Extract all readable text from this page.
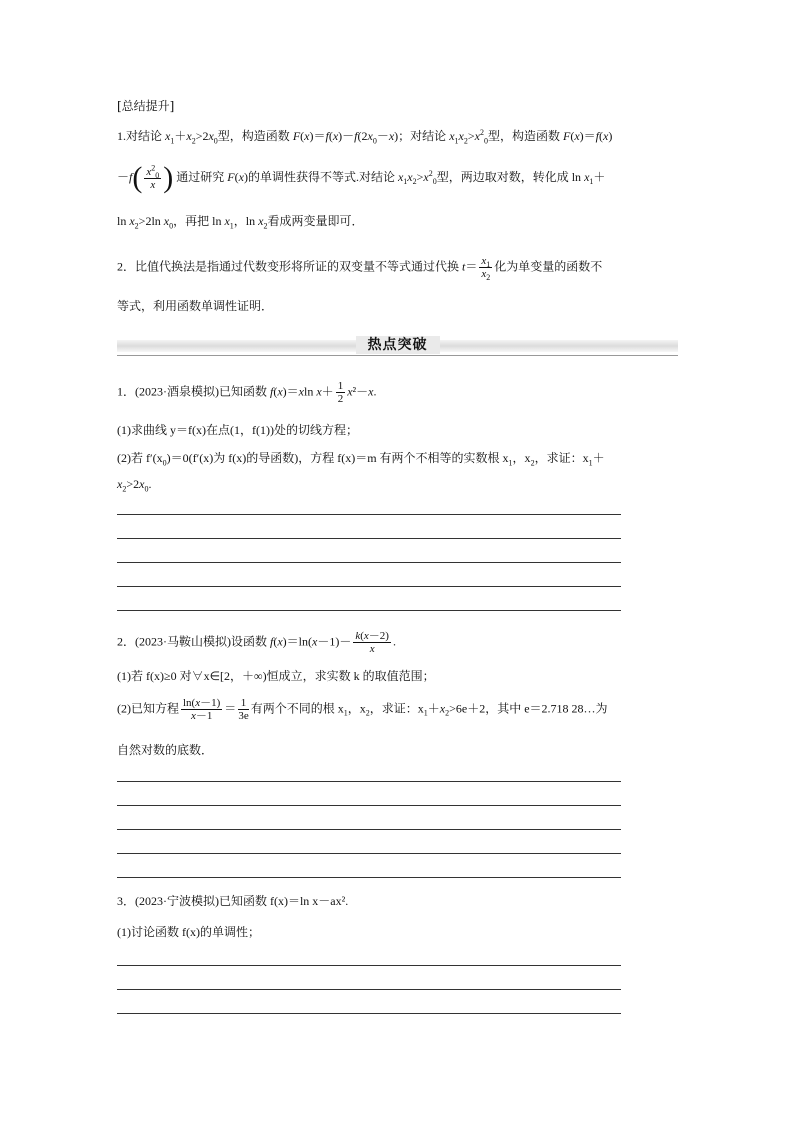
[总结提升]
1.对结论 $x_1+x_2>2x_0$型，构造函数 $F(x)=f(x)-f(2x_0-x)$；对结论 $x_1x_2>x^2_0$型，构造函数 F(x)＝f(x)
$-f( \frac{x^2_0}{x}$ ) 通过研究 F(x)的单调性获得不等式.对结论 $x_1x_2>x^2_0$型，两边取对数，转化成 $\ln x_1+$
$\ln x_2>2\ln$ $x_0$，再把 $\ln x_1$，$\ln x_2$看成两变量即可．
2．比值代换法是指通过代数变形将所证的双变量不等式通过代换 $t= \frac{x_1}{x_2}$ 化为单变量的函数不
等式，利用函数单调性证明．
热点突破
1．(2023·酒泉模拟)已知函数 f(x)＝xln $x+ \frac{1}{2} x^2-x$.
(1)求曲线 y＝f(x)在点(1，f(1))处的切线方程；
(2)若 $f'(x_0)=0(f'(x)$为 f(x)的导函数)，方程 f(x)＝m 有两个不相等的实数根 $x_1$，$x_2$，求证：$x_1+$
$x_2>2x_0$.
2．(2023·马鞍山模拟)设函数 $f(x)=\ln(x-1)- \frac{k(x-2)}{x}$ .
(1)若 f(x)≥0 对∀x∈[2，＋∞)恒成立，求实数 k 的取值范围；
(2)已知方程 $\frac{\ln(x-1)}{x-1} = \frac{1}{3e}$ 有两个不同的根 $x_1$，$x_2$，求证：$x_1+x_2>6e+2$，其中 e＝2.718 28…为
自然对数的底数．
3．(2023·宁波模拟)已知函数 f(x)＝ln x－ax².
(1)讨论函数 f(x)的单调性；
